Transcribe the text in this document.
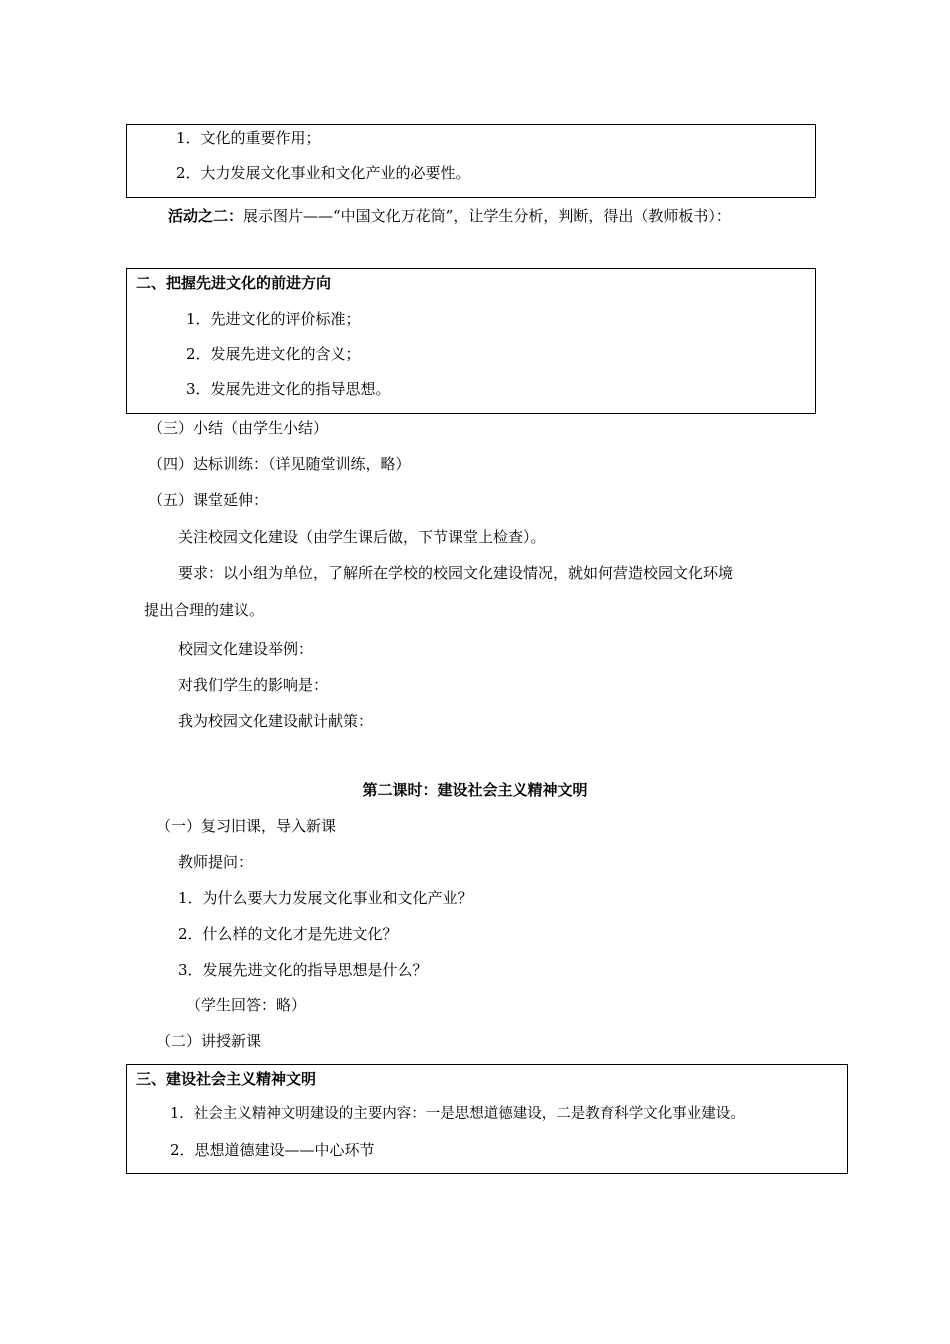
1．文化的重要作用；
2．大力发展文化事业和文化产业的必要性。
活动之二：展示图片——“中国文化万花筒”，让学生分析，判断，得出（教师板书）：
二、把握先进文化的前进方向
1．先进文化的评价标准；
2．发展先进文化的含义；
3．发展先进文化的指导思想。
（三）小结（由学生小结）
（四）达标训练：（详见随堂训练，略）
（五）课堂延伸：
关注校园文化建设（由学生课后做，下节课堂上检查）。
要求：以小组为单位，了解所在学校的校园文化建设情况，就如何营造校园文化环境
提出合理的建议。
校园文化建设举例：
对我们学生的影响是：
我为校园文化建设献计献策：
第二课时：建设社会主义精神文明
（一）复习旧课，导入新课
教师提问：
1．为什么要大力发展文化事业和文化产业？
2．什么样的文化才是先进文化？
3．发展先进文化的指导思想是什么？
（学生回答：略）
（二）讲授新课
三、建设社会主义精神文明
1．社会主义精神文明建设的主要内容：一是思想道德建设，二是教育科学文化事业建设。
2．思想道德建设——中心环节
